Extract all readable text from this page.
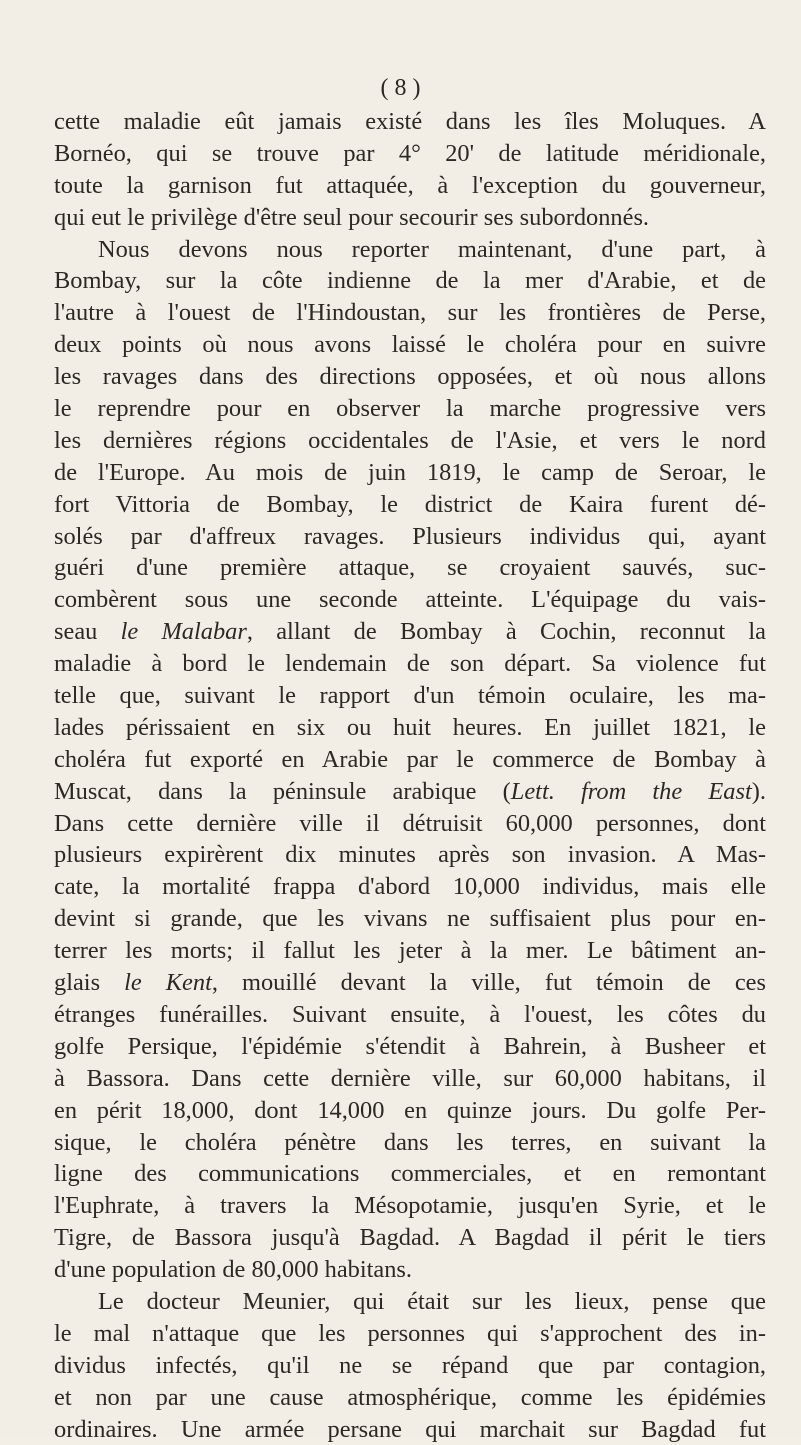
( 8 )
cette maladie eût jamais existé dans les îles Moluques. A
Bornéo, qui se trouve par 4° 20' de latitude méridionale,
toute la garnison fut attaquée, à l'exception du gouverneur,
qui eut le privilège d'être seul pour secourir ses subordonnés.
Nous devons nous reporter maintenant, d'une part, à
Bombay, sur la côte indienne de la mer d'Arabie, et de
l'autre à l'ouest de l'Hindoustan, sur les frontières de Perse,
deux points où nous avons laissé le choléra pour en suivre
les ravages dans des directions opposées, et où nous allons
le reprendre pour en observer la marche progressive vers
les dernières régions occidentales de l'Asie, et vers le nord
de l'Europe. Au mois de juin 1819, le camp de Seroar, le
fort Vittoria de Bombay, le district de Kaira furent dé-
solés par d'affreux ravages. Plusieurs individus qui, ayant
guéri d'une première attaque, se croyaient sauvés, suc-
combèrent sous une seconde atteinte. L'équipage du vais-
seau le Malabar, allant de Bombay à Cochin, reconnut la
maladie à bord le lendemain de son départ. Sa violence fut
telle que, suivant le rapport d'un témoin oculaire, les ma-
lades périssaient en six ou huit heures. En juillet 1821, le
choléra fut exporté en Arabie par le commerce de Bombay à
Muscat, dans la péninsule arabique (Lett. from the East).
Dans cette dernière ville il détruisit 60,000 personnes, dont
plusieurs expirèrent dix minutes après son invasion. A Mas-
cate, la mortalité frappa d'abord 10,000 individus, mais elle
devint si grande, que les vivans ne suffisaient plus pour en-
terrer les morts; il fallut les jeter à la mer. Le bâtiment an-
glais le Kent, mouillé devant la ville, fut témoin de ces
étranges funérailles. Suivant ensuite, à l'ouest, les côtes du
golfe Persique, l'épidémie s'étendit à Bahrein, à Busheer et
à Bassora. Dans cette dernière ville, sur 60,000 habitans, il
en périt 18,000, dont 14,000 en quinze jours. Du golfe Per-
sique, le choléra pénètre dans les terres, en suivant la
ligne des communications commerciales, et en remontant
l'Euphrate, à travers la Mésopotamie, jusqu'en Syrie, et le
Tigre, de Bassora jusqu'à Bagdad. A Bagdad il périt le tiers
d'une population de 80,000 habitans.
Le docteur Meunier, qui était sur les lieux, pense que
le mal n'attaque que les personnes qui s'approchent des in-
dividus infectés, qu'il ne se répand que par contagion,
et non par une cause atmosphérique, comme les épidémies
ordinaires. Une armée persane qui marchait sur Bagdad fut
